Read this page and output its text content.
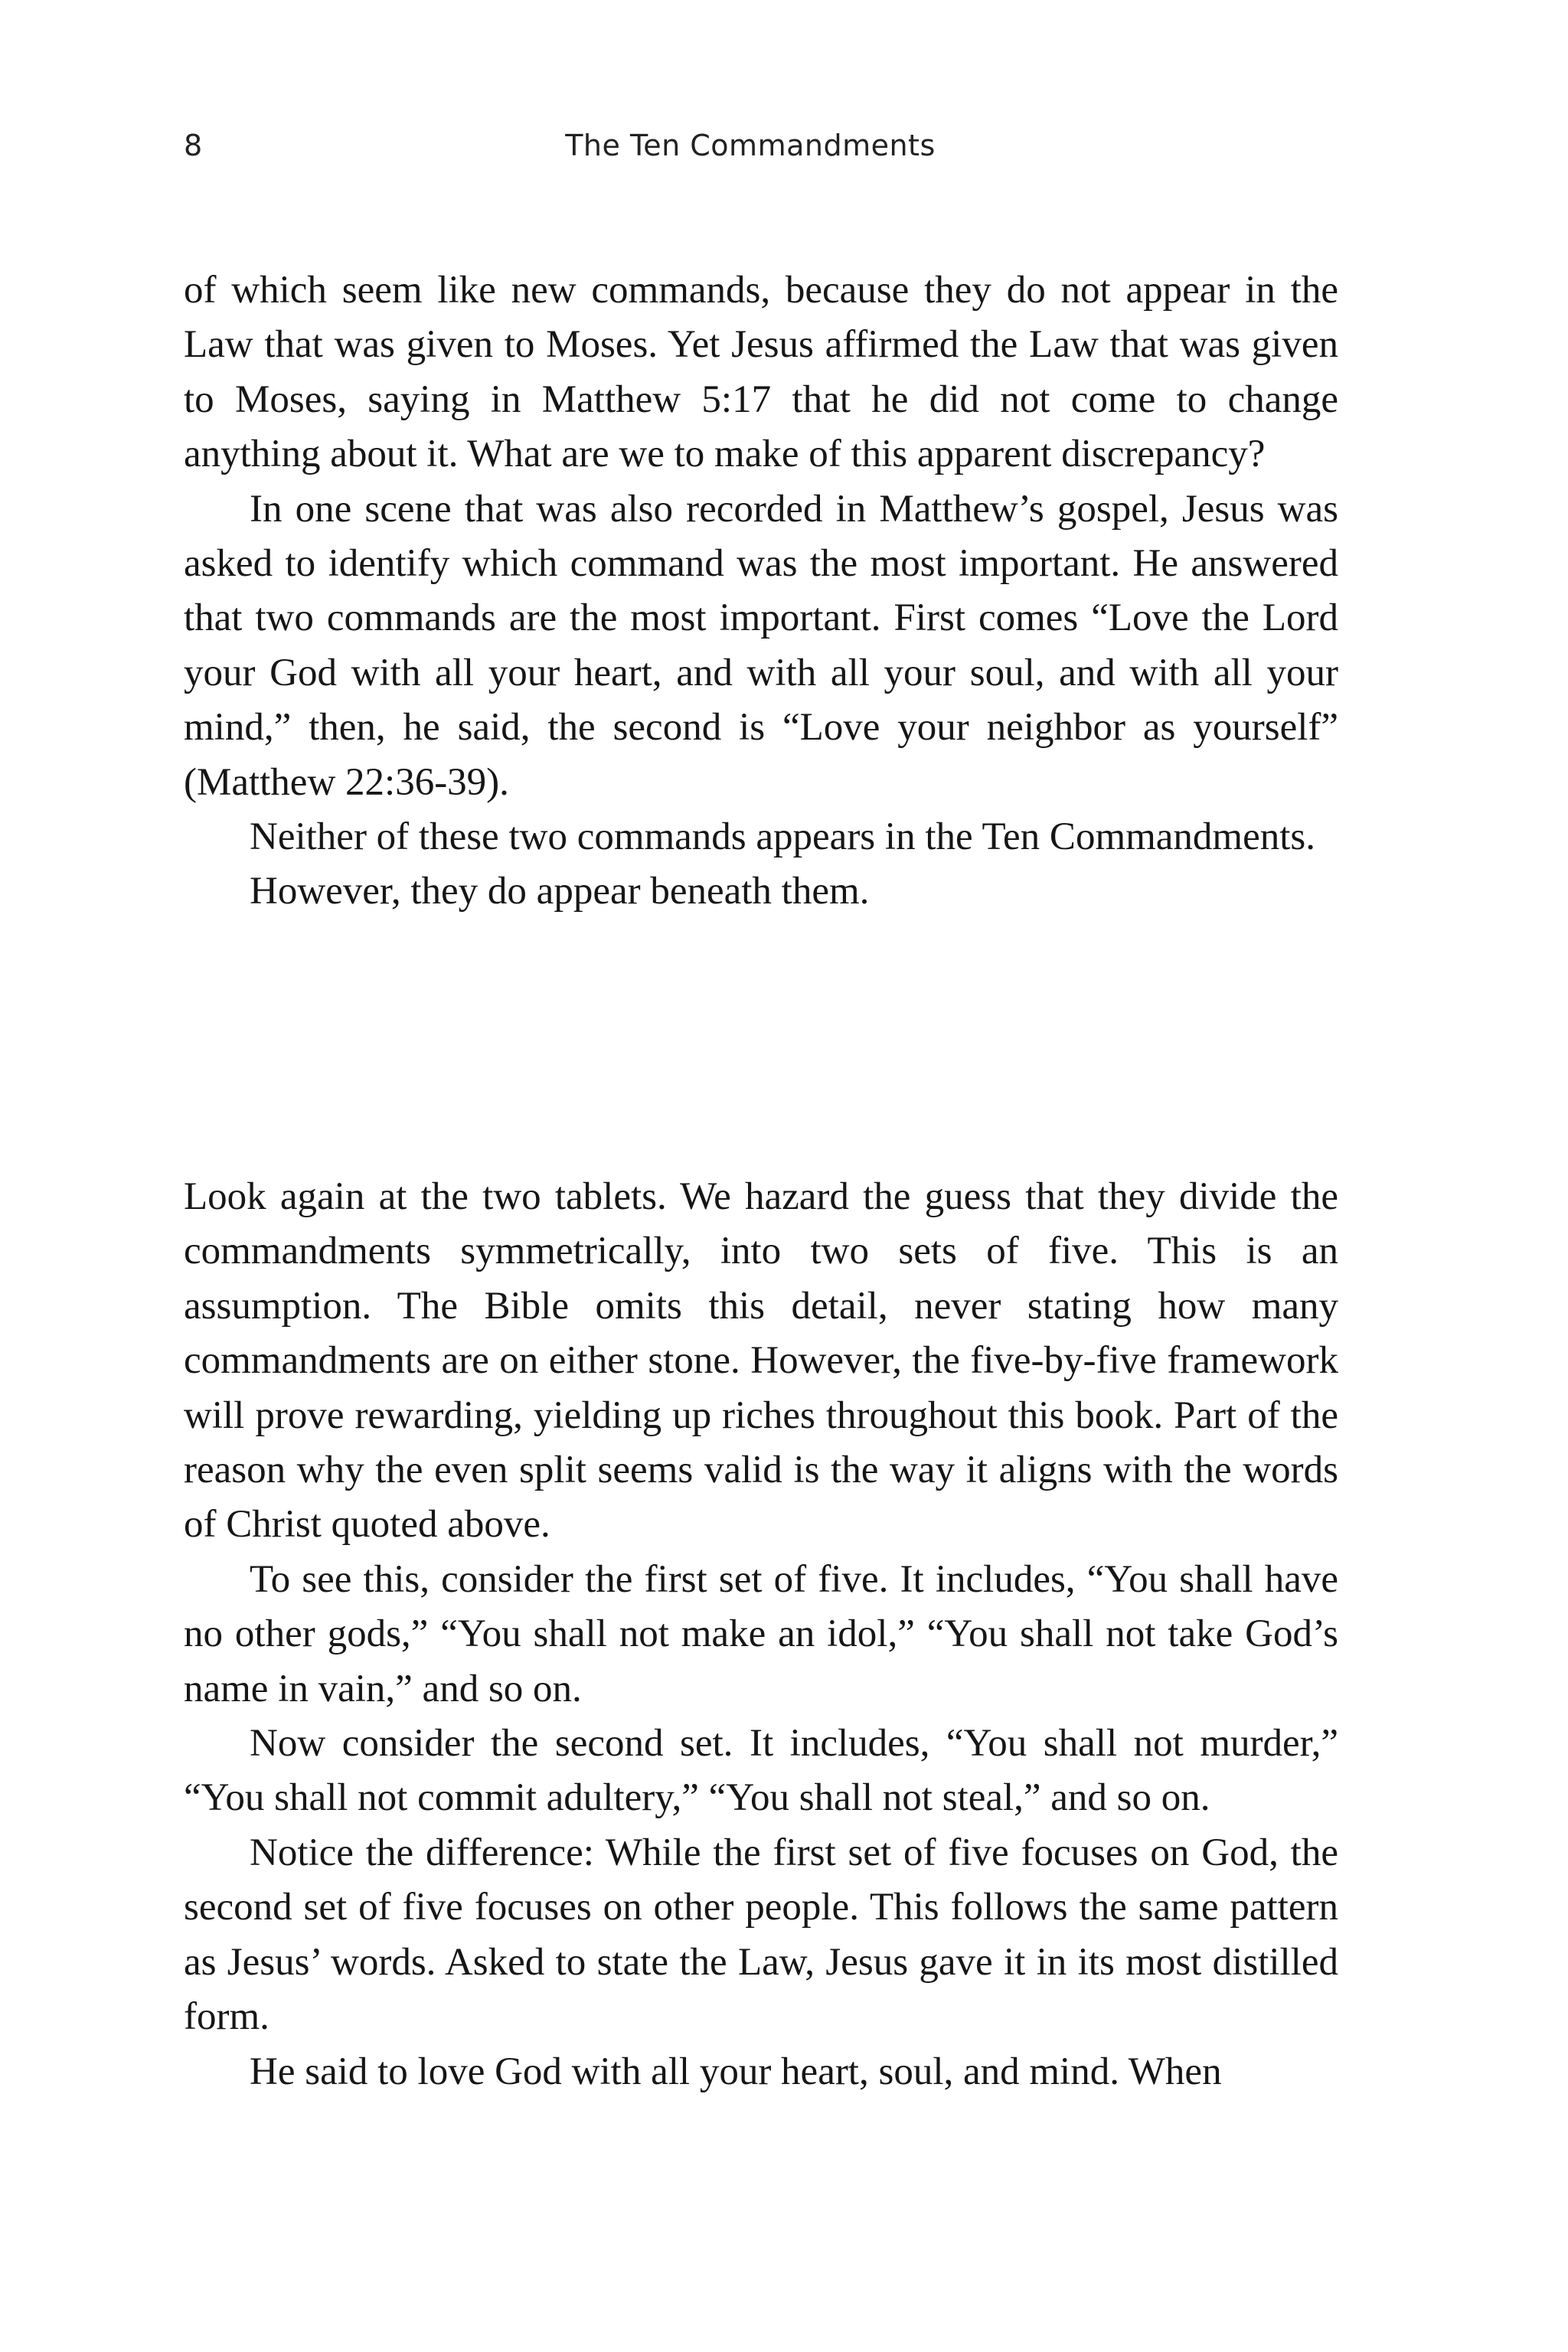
8	The Ten Commandments

of which seem like new commands, because they do not appear in the Law that was given to Moses. Yet Jesus affirmed the Law that was given to Moses, saying in Matthew 5:17 that he did not come to change anything about it. What are we to make of this apparent discrepancy?

In one scene that was also recorded in Matthew’s gospel, Jesus was asked to identify which command was the most important. He answered that two commands are the most important. First comes “Love the Lord your God with all your heart, and with all your soul, and with all your mind,” then, he said, the second is “Love your neighbor as yourself” (Matthew 22:36-39).

Neither of these two commands appears in the Ten Commandments.

However, they do appear beneath them.

Look again at the two tablets. We hazard the guess that they divide the commandments symmetrically, into two sets of five. This is an assumption. The Bible omits this detail, never stating how many commandments are on either stone. However, the five-by-five framework will prove rewarding, yielding up riches throughout this book. Part of the reason why the even split seems valid is the way it aligns with the words of Christ quoted above.

To see this, consider the first set of five. It includes, “You shall have no other gods,” “You shall not make an idol,” “You shall not take God’s name in vain,” and so on.

Now consider the second set. It includes, “You shall not murder,” “You shall not commit adultery,” “You shall not steal,” and so on.

Notice the difference: While the first set of five focuses on God, the second set of five focuses on other people. This follows the same pattern as Jesus’ words. Asked to state the Law, Jesus gave it in its most distilled form.

He said to love God with all your heart, soul, and mind. When
